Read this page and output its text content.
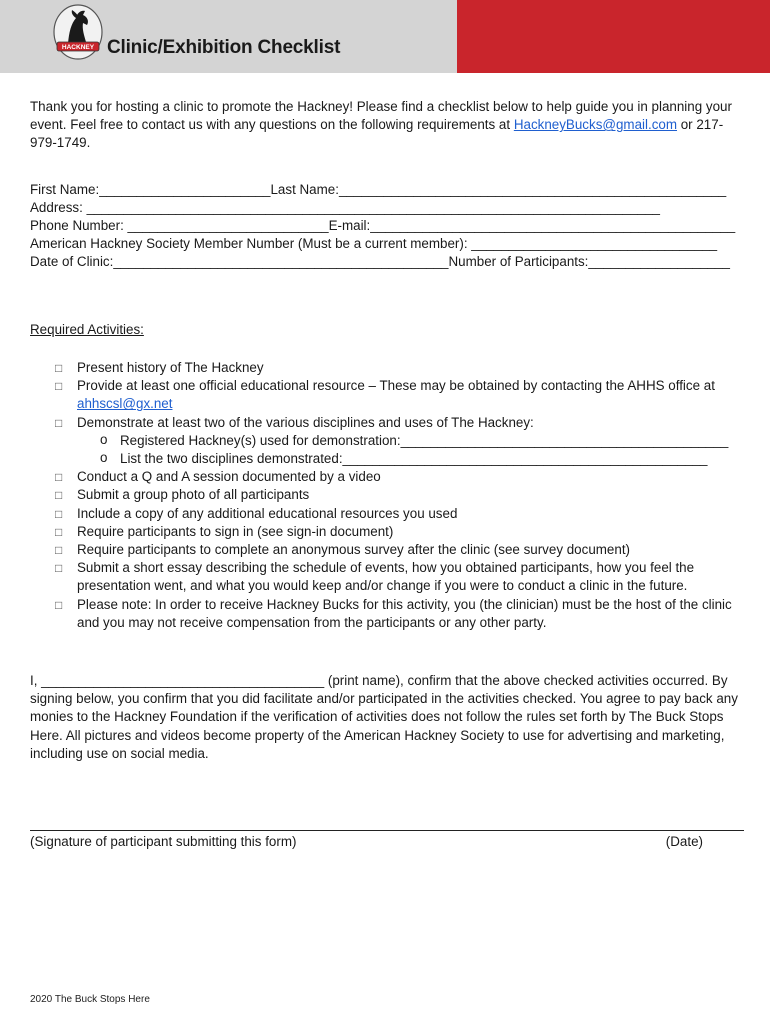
HACKNEY Clinic/Exhibition Checklist
Thank you for hosting a clinic to promote the Hackney! Please find a checklist below to help guide you in planning your event. Feel free to contact us with any questions on the following requirements at HackneyBucks@gmail.com or 217-979-1749.
First Name:_______________________Last Name:____________________________________________________
Address: _____________________________________________________________________________
Phone Number: ___________________________E-mail:_________________________________________________
American Hackney Society Member Number (Must be a current member): _________________________________
Date of Clinic:_____________________________________________Number of Participants:___________________
Required Activities:
□ Present history of The Hackney
□ Provide at least one official educational resource – These may be obtained by contacting the AHHS office at ahhscsl@gx.net
□ Demonstrate at least two of the various disciplines and uses of The Hackney:
o Registered Hackney(s) used for demonstration:____________________________________________
o List the two disciplines demonstrated:_________________________________________________
□ Conduct a Q and A session documented by a video
□ Submit a group photo of all participants
□ Include a copy of any additional educational resources you used
□ Require participants to sign in (see sign-in document)
□ Require participants to complete an anonymous survey after the clinic (see survey document)
□ Submit a short essay describing the schedule of events, how you obtained participants, how you feel the presentation went, and what you would keep and/or change if you were to conduct a clinic in the future.
□ Please note: In order to receive Hackney Bucks for this activity, you (the clinician) must be the host of the clinic and you may not receive compensation from the participants or any other party.
I, ______________________________________ (print name), confirm that the above checked activities occurred. By signing below, you confirm that you did facilitate and/or participated in the activities checked. You agree to pay back any monies to the Hackney Foundation if the verification of activities does not follow the rules set forth by The Buck Stops Here. All pictures and videos become property of the American Hackney Society to use for advertising and marketing, including use on social media.
(Signature of participant submitting this form)	(Date)
2020 The Buck Stops Here
